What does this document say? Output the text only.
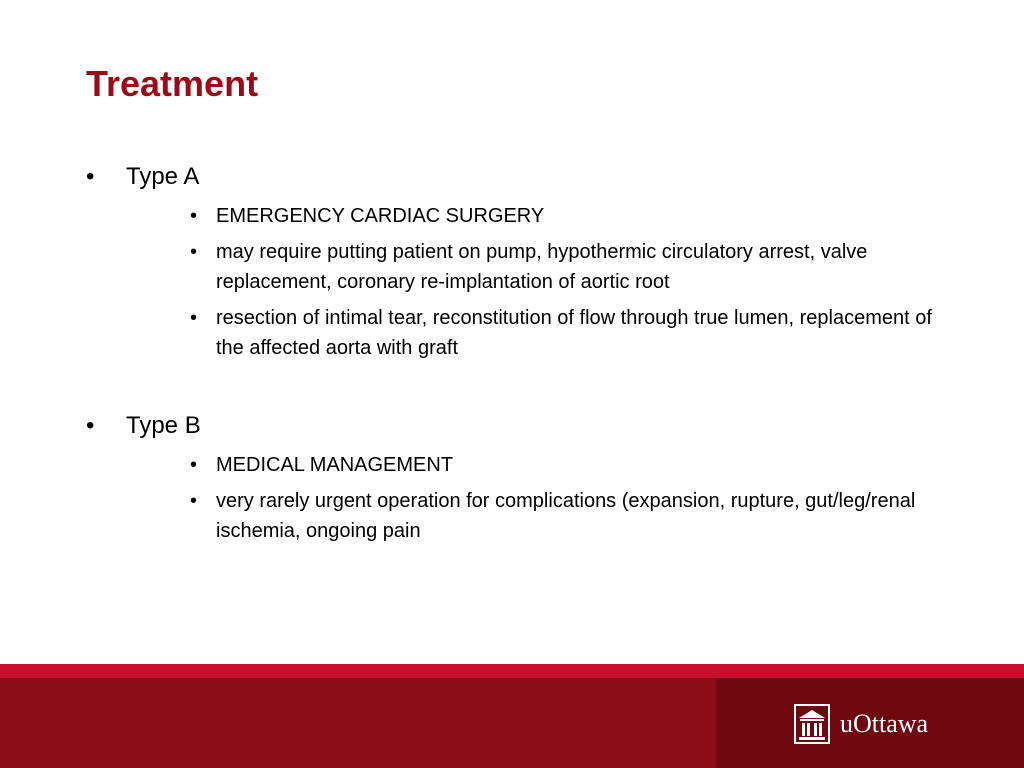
Treatment
• Type A
• EMERGENCY CARDIAC SURGERY
• may require putting patient on pump, hypothermic circulatory arrest, valve replacement, coronary re-implantation of aortic root
• resection of intimal tear, reconstitution of flow through true lumen, replacement of the affected aorta with graft
• Type B
• MEDICAL MANAGEMENT
• very rarely urgent operation for complications (expansion, rupture, gut/leg/renal ischemia, ongoing pain
uOttawa
